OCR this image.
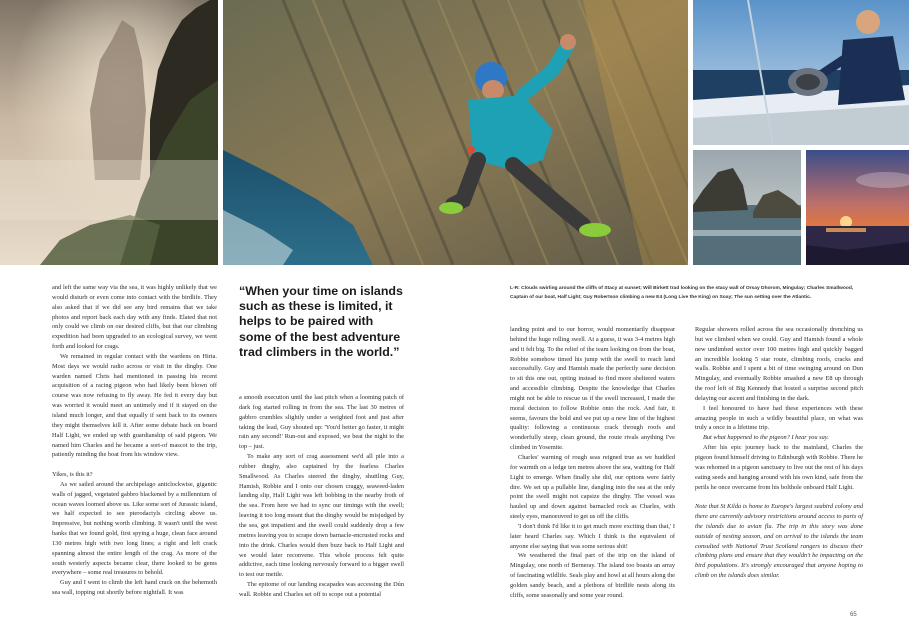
and left the same way via the sea, it was highly unlikely that we would disturb or even come into contact with the birdlife. They also asked that if we did see any bird remains that we take photos and report back each day with any finds. Elated that not only could we climb on our desired cliffs, but that our climbing expedition had been upgraded to an ecological survey, we went forth and looked for crags.

We remained in regular contact with the wardens on Hirta. Most days we would radio across or visit in the dinghy. One warden named Chris had mentioned in passing his recent acquisition of a racing pigeon who had likely been blown off course was now refusing to fly away. He fed it every day but was worried it would meet an untimely end if it stayed on the island much longer, and that equally if sent back to its owners they might themselves kill it. After some debate back on board Half Light, we ended up with guardianship of said pigeon. We named him Charles and he became a sort-of mascot to the trip, patiently minding the boat from his window view.

Yikes, is this it?

As we sailed around the archipelago anticlockwise, gigantic walls of jagged, vegetated gabbro blackened by a millennium of ocean waves loomed above us. Like some sort of Jurassic island, we half expected to see pterodactyls circling above us. Impressive, but nothing worth climbing. It wasn't until the west banks that we found gold, first spying a huge, clean face around 130 metres high with two long lines; a right and left crack spanning almost the entire length of the crag. As more of the south westerly aspects became clear, there looked to be gems everywhere – some real treasures to behold.

Guy and I went to climb the left hand crack on the behemoth sea wall, topping out shortly before nightfall. It was

“When your time on islands such as these is limited, it helps to be paired with some of the best adventure trad climbers in the world.”

a smooth execution until the last pitch when a looming patch of dark fog started rolling in from the sea. The last 30 metres of gabbro crumbles slightly under a weighted foot and just after taking the lead, Guy shouted up: 'You'd better go faster, it might rain any second!' Run-out and exposed, we beat the night to the top – just.

To make any sort of crag assessment we'd all pile into a rubber dinghy, also captained by the fearless Charles Smallwood. As Charles steered the dinghy, shuttling Guy, Hamish, Robbie and I onto our chosen craggy, seaweed-laden landing slip, Half Light was left bobbing in the nearby froth of the sea. From here we had to sync our timings with the swell; leaving it too long meant that the dinghy would be misjudged by the sea, got impatient and the swell could suddenly drop a few metres leaving you to scrape down barnacle-encrusted rocks and into the drink. Charles would then buzz back to Half Light and we would later reconvene. This whole process felt quite addictive, each time looking nervously forward to a bigger swell to test our mettle.

The epitome of our landing escapades was accessing the Dún wall. Robbie and Charles set off to scope out a potential

L-R: Clouds swirling around the cliffs of Stacy at sunset; Will Birkett trad looking on the stacy wall of Orsay Dhorom, Mingulay; Charles Smallwood, Captain of our boat, Half Light; Guy Robertson climbing a new E4 (Long Live the King) on Soay; The sun setting over the Atlantic.

landing point and to our horror, would momentarily disappear behind the huge rolling swell. At a guess, it was 3-4 metres high and it felt big. To the relief of the team looking on from the boat, Robbie somehow timed his jump with the swell to reach land successfully. Guy and Hamish made the perfectly sane decision to sit this one out, opting instead to find more sheltered waters and accessible climbing. Despite the knowledge that Charles might not be able to rescue us if the swell increased, I made the moral decision to follow Robbie onto the rock. And fair, it seems, favours the bold and we put up a new line of the highest quality: following a continuous crack through roofs and wonderfully steep, clean ground, the route rivals anything I've climbed in Yosemite.

Charles' warning of rough seas reigned true as we huddled for warmth on a ledge ten metres above the sea, waiting for Half Light to emerge. When finally she did, our options were fairly dire. We set up a pullable line, dangling into the sea at the only point the swell might not capsize the dinghy. The vessel was hauled up and down against barnacled rock as Charles, with steely eyes, manoeuvred to get us off the cliffs.

'I don't think I'd like it to get much more exciting than that,' I later heard Charles say. Which I think is the equivalent of anyone else saying that was some serious shit!

We weathered the final part of the trip on the island of Mingulay, one north of Berneray. The island too boasts an array of fascinating wildlife. Seals play and howl at all hours along the golden sandy beach, and a plethora of birdlife nests along its cliffs, some seasonally and some year round.

Regular showers rolled across the sea occasionally drenching us but we climbed when we could. Guy and Hamish found a whole new undimbed sector over 100 metres high and quickly bagged an incredible looking 5 star route, climbing roofs, cracks and walls. Robbie and I spent a bit of time swinging around on Dun Mingulay, and eventually Robbie smashed a new E8 up through the roof left of Big Kennedy that hosted a surprise second pitch delaying our ascent and finishing in the dark.

I feel honoured to have had these experiences with these amazing people in such a wildly beautiful place, on what was truly a once in a lifetime trip.

But what happened to the pigeon? I hear you say.

After his epic journey back to the mainland, Charles the pigeon found himself driving to Edinburgh with Robbie. There he was rehomed in a pigeon sanctuary to live out the rest of his days eating seeds and hanging around with his own kind, safe from the perils he once overcame from his bolthole onboard Half Light.

Note that St Kilda is home to Europe's largest seabird colony and there are currently advisory restrictions around access to parts of the islands due to avian flu. The trip in this story was done outside of nesting season, and on arrival to the islands the team consulted with National Trust Scotland rangers to discuss their climbing plans and ensure that they wouldn't be impacting on the bird populations. It's strongly encouraged that anyone hoping to climb on the islands does similar.

65
